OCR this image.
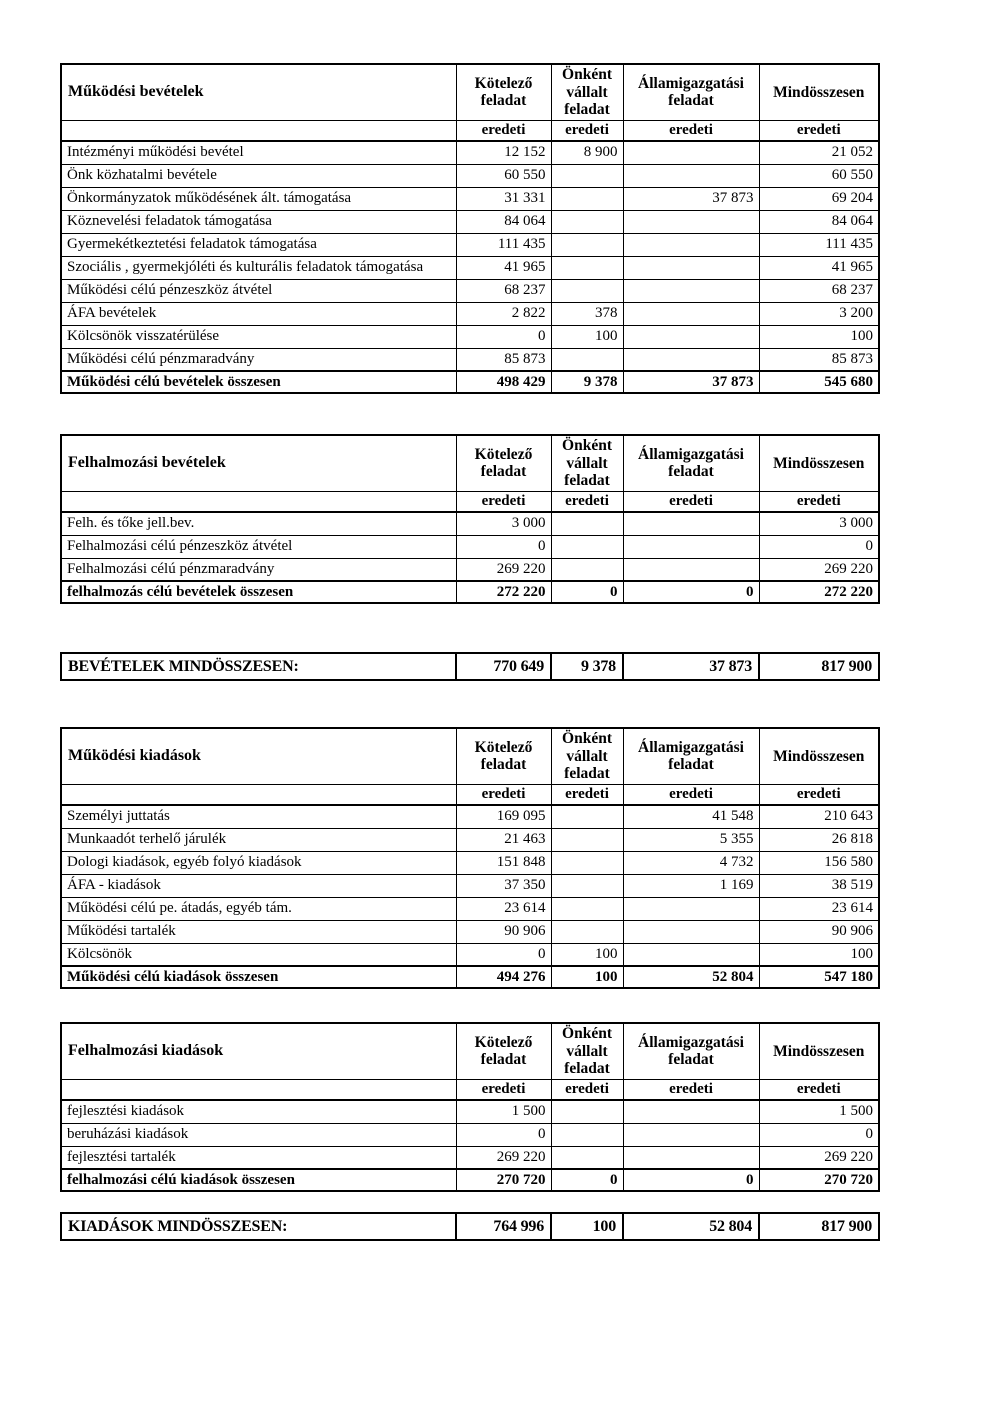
Működési bevételek	Kötelező feladat	Önként vállalt feladat	Államigazgatási feladat	Mindösszesen
	eredeti	eredeti	eredeti	eredeti
Intézményi működési bevétel	12 152	8 900		21 052
Önk közhatalmi bevétele	60 550			60 550
Önkormányzatok működésének ált. támogatása	31 331		37 873	69 204
Köznevelési feladatok támogatása	84 064			84 064
Gyermekétkeztetési feladatok támogatása	111 435			111 435
Szociális , gyermekjóléti és kulturális feladatok támogatása	41 965			41 965
Működési célú pénzeszköz átvétel	68 237			68 237
ÁFA bevételek	2 822	378		3 200
Kölcsönök visszatérülése	0	100		100
Működési célú pénzmaradvány	85 873			85 873
Működési célú bevételek összesen	498 429	9 378	37 873	545 680
Felhalmozási bevételek	Kötelező feladat	Önként vállalt feladat	Államigazgatási feladat	Mindösszesen
	eredeti	eredeti	eredeti	eredeti
Felh. és tőke jell.bev.	3 000			3 000
Felhalmozási célú pénzeszköz átvétel	0			0
Felhalmozási célú pénzmaradvány	269 220			269 220
felhalmozás célú bevételek összesen	272 220	0	0	272 220
BEVÉTELEK MINDÖSSZESEN:	770 649	9 378	37 873	817 900
Működési kiadások	Kötelező feladat	Önként vállalt feladat	Államigazgatási feladat	Mindösszesen
	eredeti	eredeti	eredeti	eredeti
Személyi juttatás	169 095		41 548	210 643
Munkaadót terhelő járulék	21 463		5 355	26 818
Dologi kiadások, egyéb folyó kiadások	151 848		4 732	156 580
ÁFA - kiadások	37 350		1 169	38 519
Működési célú pe. átadás, egyéb tám.	23 614			23 614
Működési tartalék	90 906			90 906
Kölcsönök	0	100		100
Működési célú kiadások összesen	494 276	100	52 804	547 180
Felhalmozási kiadások	Kötelező feladat	Önként vállalt feladat	Államigazgatási feladat	Mindösszesen
	eredeti	eredeti	eredeti	eredeti
fejlesztési kiadások	1 500			1 500
beruházási kiadások	0			0
fejlesztési tartalék	269 220			269 220
felhalmozási célú kiadások összesen	270 720	0	0	270 720
KIADÁSOK MINDÖSSZESEN:	764 996	100	52 804	817 900
